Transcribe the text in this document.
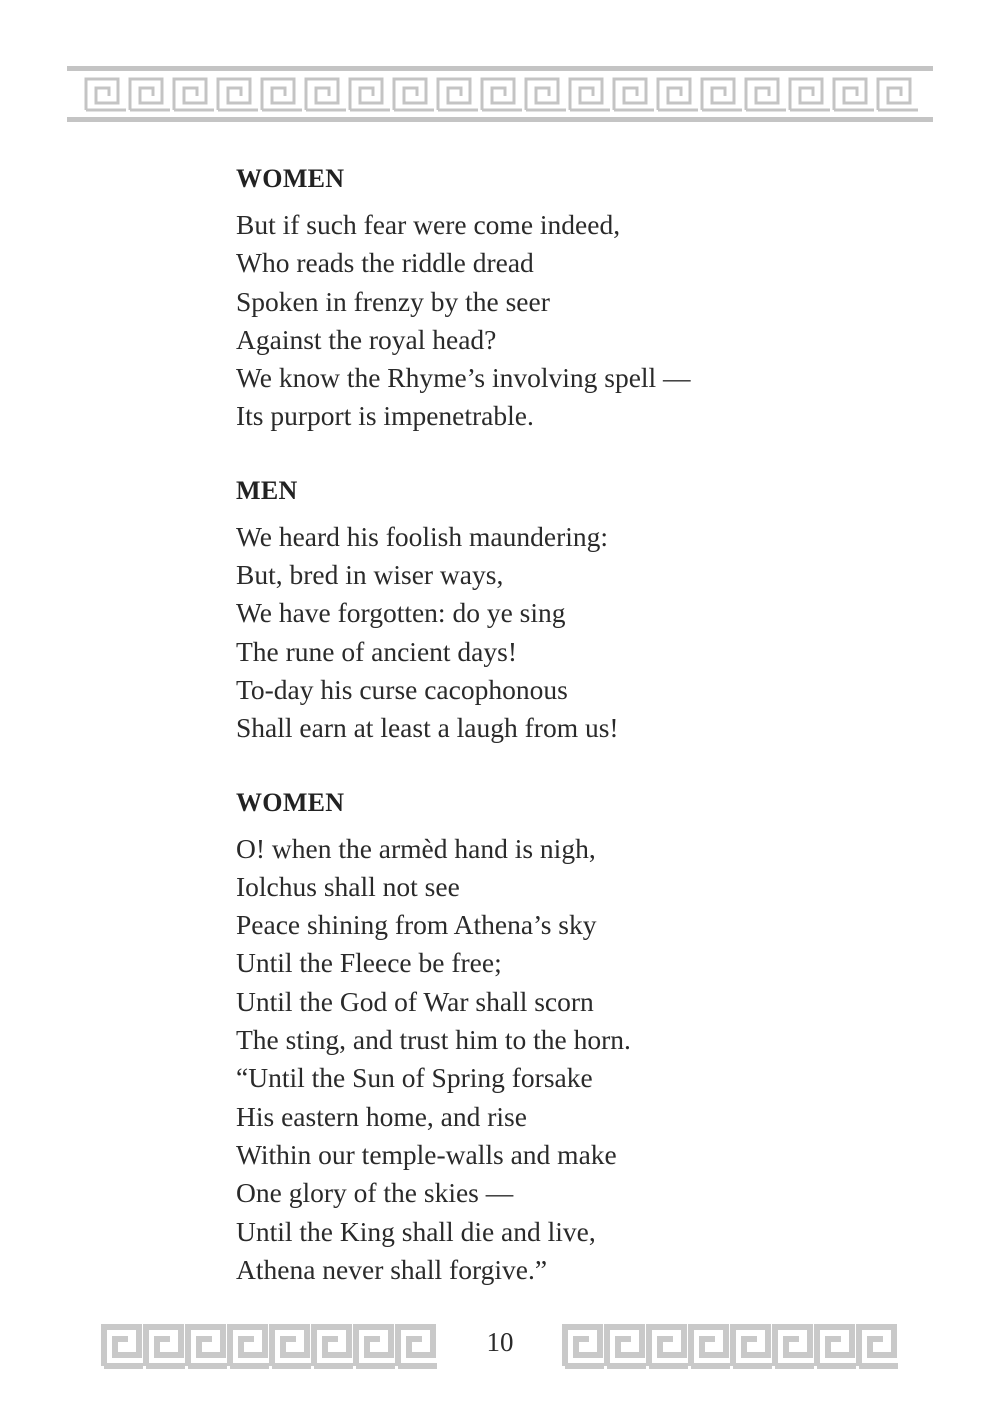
WOMEN
But if such fear were come indeed,
Who reads the riddle dread
Spoken in frenzy by the seer
Against the royal head?
We know the Rhyme’s involving spell —
Its purport is impenetrable.
MEN
We heard his foolish maundering:
But, bred in wiser ways,
We have forgotten: do ye sing
The rune of ancient days!
To-day his curse cacophonous
Shall earn at least a laugh from us!
WOMEN
O! when the armèd hand is nigh,
Iolchus shall not see
Peace shining from Athena’s sky
Until the Fleece be free;
Until the God of War shall scorn
The sting, and trust him to the horn.
“Until the Sun of Spring forsake
His eastern home, and rise
Within our temple-walls and make
One glory of the skies —
Until the King shall die and live,
Athena never shall forgive.”
10
